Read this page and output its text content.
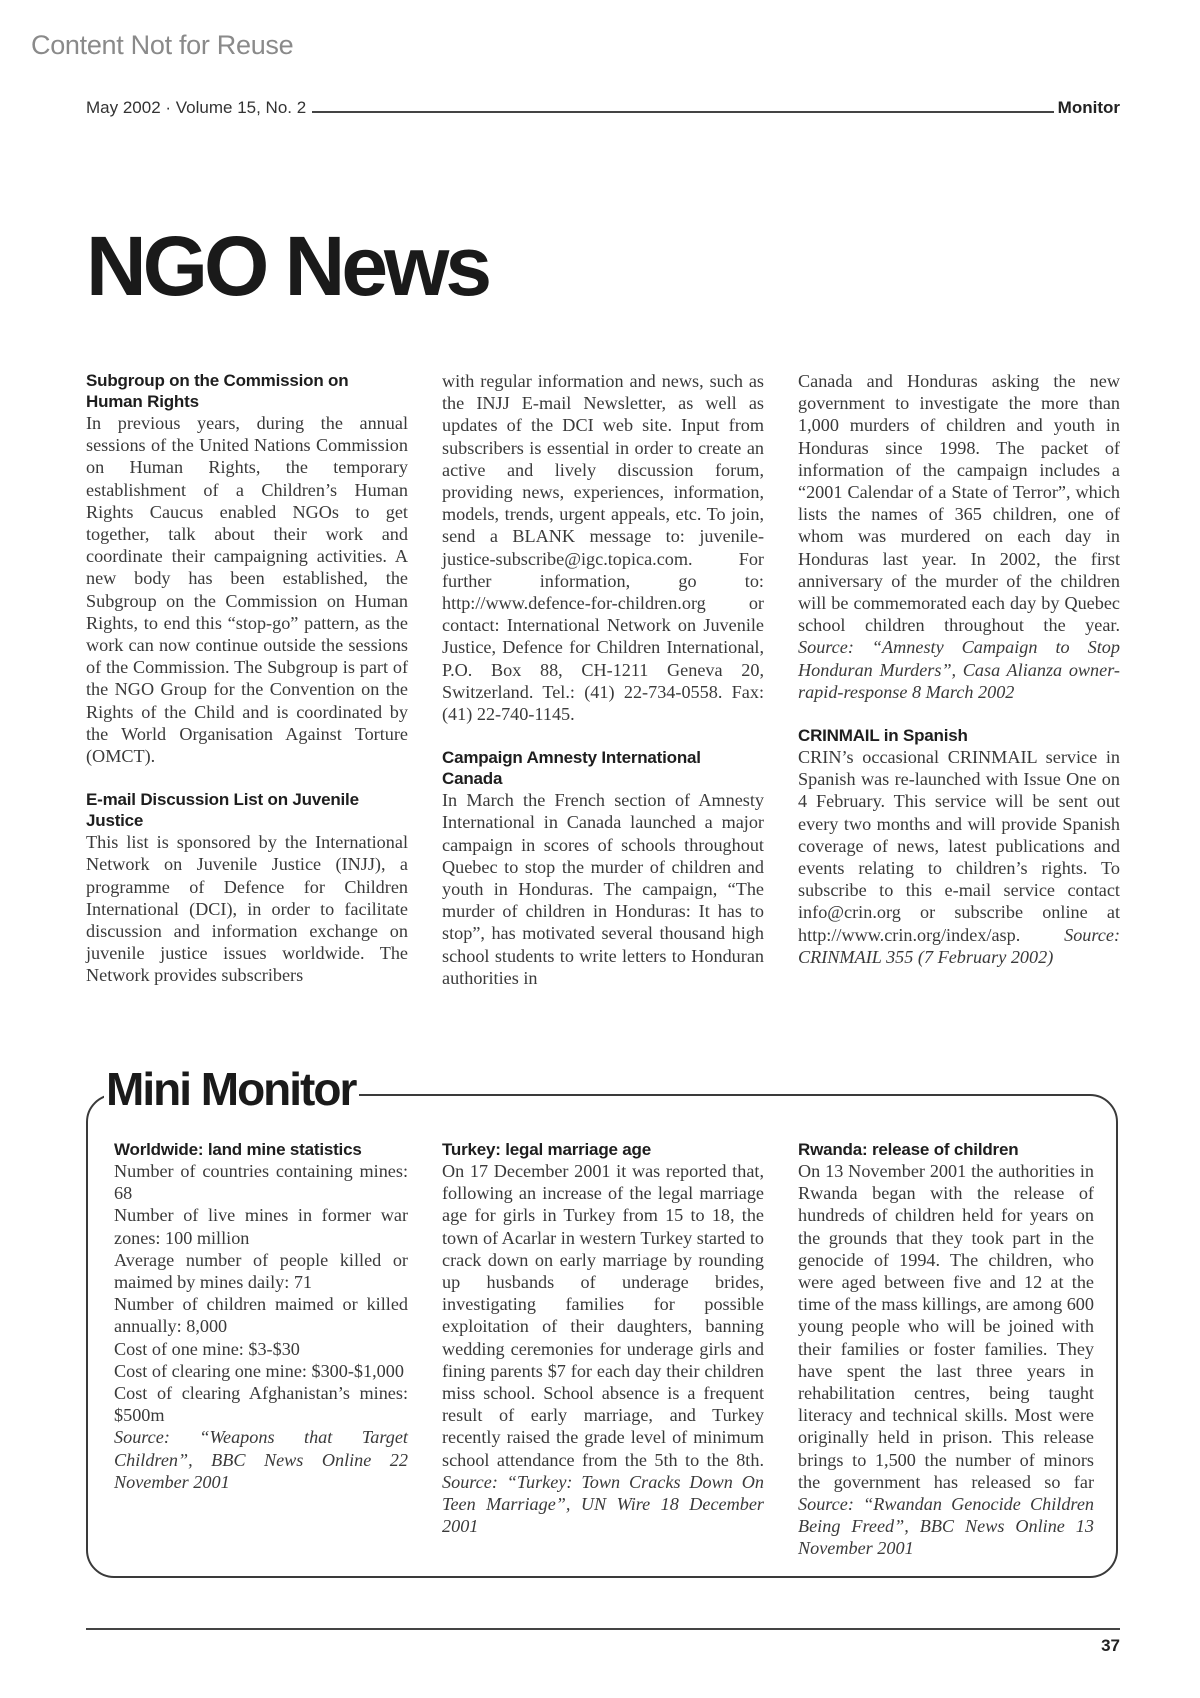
Content Not for Reuse
May 2002 · Volume 15, No. 2	Monitor
NGO News

Subgroup on the Commission on Human Rights

In previous years, during the annual sessions of the United Nations Commission on Human Rights, the temporary establishment of a Children’s Human Rights Caucus enabled NGOs to get together, talk about their work and coordinate their campaigning activities. A new body has been established, the Subgroup on the Commission on Human Rights, to end this “stop-go” pattern, as the work can now continue outside the sessions of the Commission. The Subgroup is part of the NGO Group for the Convention on the Rights of the Child and is coordinated by the World Organisation Against Torture (OMCT).

E-mail Discussion List on Juvenile Justice

This list is sponsored by the International Network on Juvenile Justice (INJJ), a programme of Defence for Children International (DCI), in order to facilitate discussion and information exchange on juvenile justice issues worldwide. The Network provides subscribers

with regular information and news, such as the INJJ E-mail Newsletter, as well as updates of the DCI web site. Input from subscribers is essential in order to create an active and lively discussion forum, providing news, experiences, information, models, trends, urgent appeals, etc. To join, send a BLANK message to: juvenile-justice-subscribe@igc.topica.com. For further information, go to: http://www.defence-for-children.org or contact: International Network on Juvenile Justice, Defence for Children International, P.O. Box 88, CH-1211 Geneva 20, Switzerland. Tel.: (41) 22-734-0558. Fax: (41) 22-740-1145.

Campaign Amnesty International Canada

In March the French section of Amnesty International in Canada launched a major campaign in scores of schools throughout Quebec to stop the murder of children and youth in Honduras. The campaign, “The murder of children in Honduras: It has to stop”, has motivated several thousand high school students to write letters to Honduran authorities in

Canada and Honduras asking the new government to investigate the more than 1,000 murders of children and youth in Honduras since 1998. The packet of information of the campaign includes a “2001 Calendar of a State of Terror”, which lists the names of 365 children, one of whom was murdered on each day in Honduras last year. In 2002, the first anniversary of the murder of the children will be commemorated each day by Quebec school children throughout the year. Source: “Amnesty Campaign to Stop Honduran Murders”, Casa Alianza owner-rapid-response 8 March 2002

CRINMAIL in Spanish

CRIN’s occasional CRINMAIL service in Spanish was re-launched with Issue One on 4 February. This service will be sent out every two months and will provide Spanish coverage of news, latest publications and events relating to children’s rights. To subscribe to this e-mail service contact info@crin.org or subscribe online at http://www.crin.org/index/asp. Source: CRINMAIL 355 (7 February 2002)

Mini Monitor

Worldwide: land mine statistics

Number of countries containing mines: 68
Number of live mines in former war zones: 100 million
Average number of people killed or maimed by mines daily: 71
Number of children maimed or killed annually: 8,000
Cost of one mine: $3-$30
Cost of clearing one mine: $300-$1,000
Cost of clearing Afghanistan’s mines: $500m

Source: “Weapons that Target Children”, BBC News Online 22 November 2001

Turkey: legal marriage age

On 17 December 2001 it was reported that, following an increase of the legal marriage age for girls in Turkey from 15 to 18, the town of Acarlar in western Turkey started to crack down on early marriage by rounding up husbands of underage brides, investigating families for possible exploitation of their daughters, banning wedding ceremonies for underage girls and fining parents $7 for each day their children miss school. School absence is a frequent result of early marriage, and Turkey recently raised the grade level of minimum school attendance from the 5th to the 8th. Source: “Turkey: Town Cracks Down On Teen Marriage”, UN Wire 18 December 2001

Rwanda: release of children

On 13 November 2001 the authorities in Rwanda began with the release of hundreds of children held for years on the grounds that they took part in the genocide of 1994. The children, who were aged between five and 12 at the time of the mass killings, are among 600 young people who will be joined with their families or foster families. They have spent the last three years in rehabilitation centres, being taught literacy and technical skills. Most were originally held in prison. This release brings to 1,500 the number of minors the government has released so far Source: “Rwandan Genocide Children Being Freed”, BBC News Online 13 November 2001

37
